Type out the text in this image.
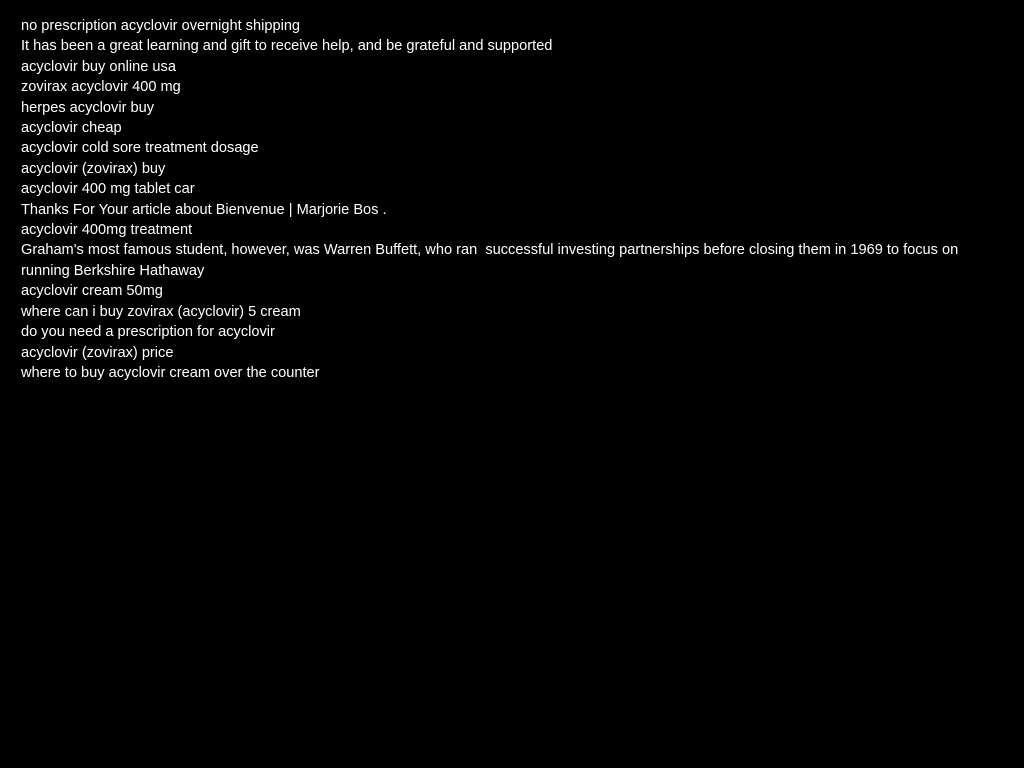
no prescription acyclovir overnight shipping
It has been a great learning and gift to receive help, and be grateful and supported
acyclovir buy online usa
zovirax acyclovir 400 mg
herpes acyclovir buy
acyclovir cheap
acyclovir cold sore treatment dosage
acyclovir (zovirax) buy
acyclovir 400 mg tablet car
Thanks For Your article about Bienvenue | Marjorie Bos .
acyclovir 400mg treatment
Graham's most famous student, however, was Warren Buffett, who ran  successful investing partnerships before closing them in 1969 to focus on  running Berkshire Hathaway
acyclovir cream 50mg
where can i buy zovirax (acyclovir) 5 cream
do you need a prescription for acyclovir
acyclovir (zovirax) price
where to buy acyclovir cream over the counter
